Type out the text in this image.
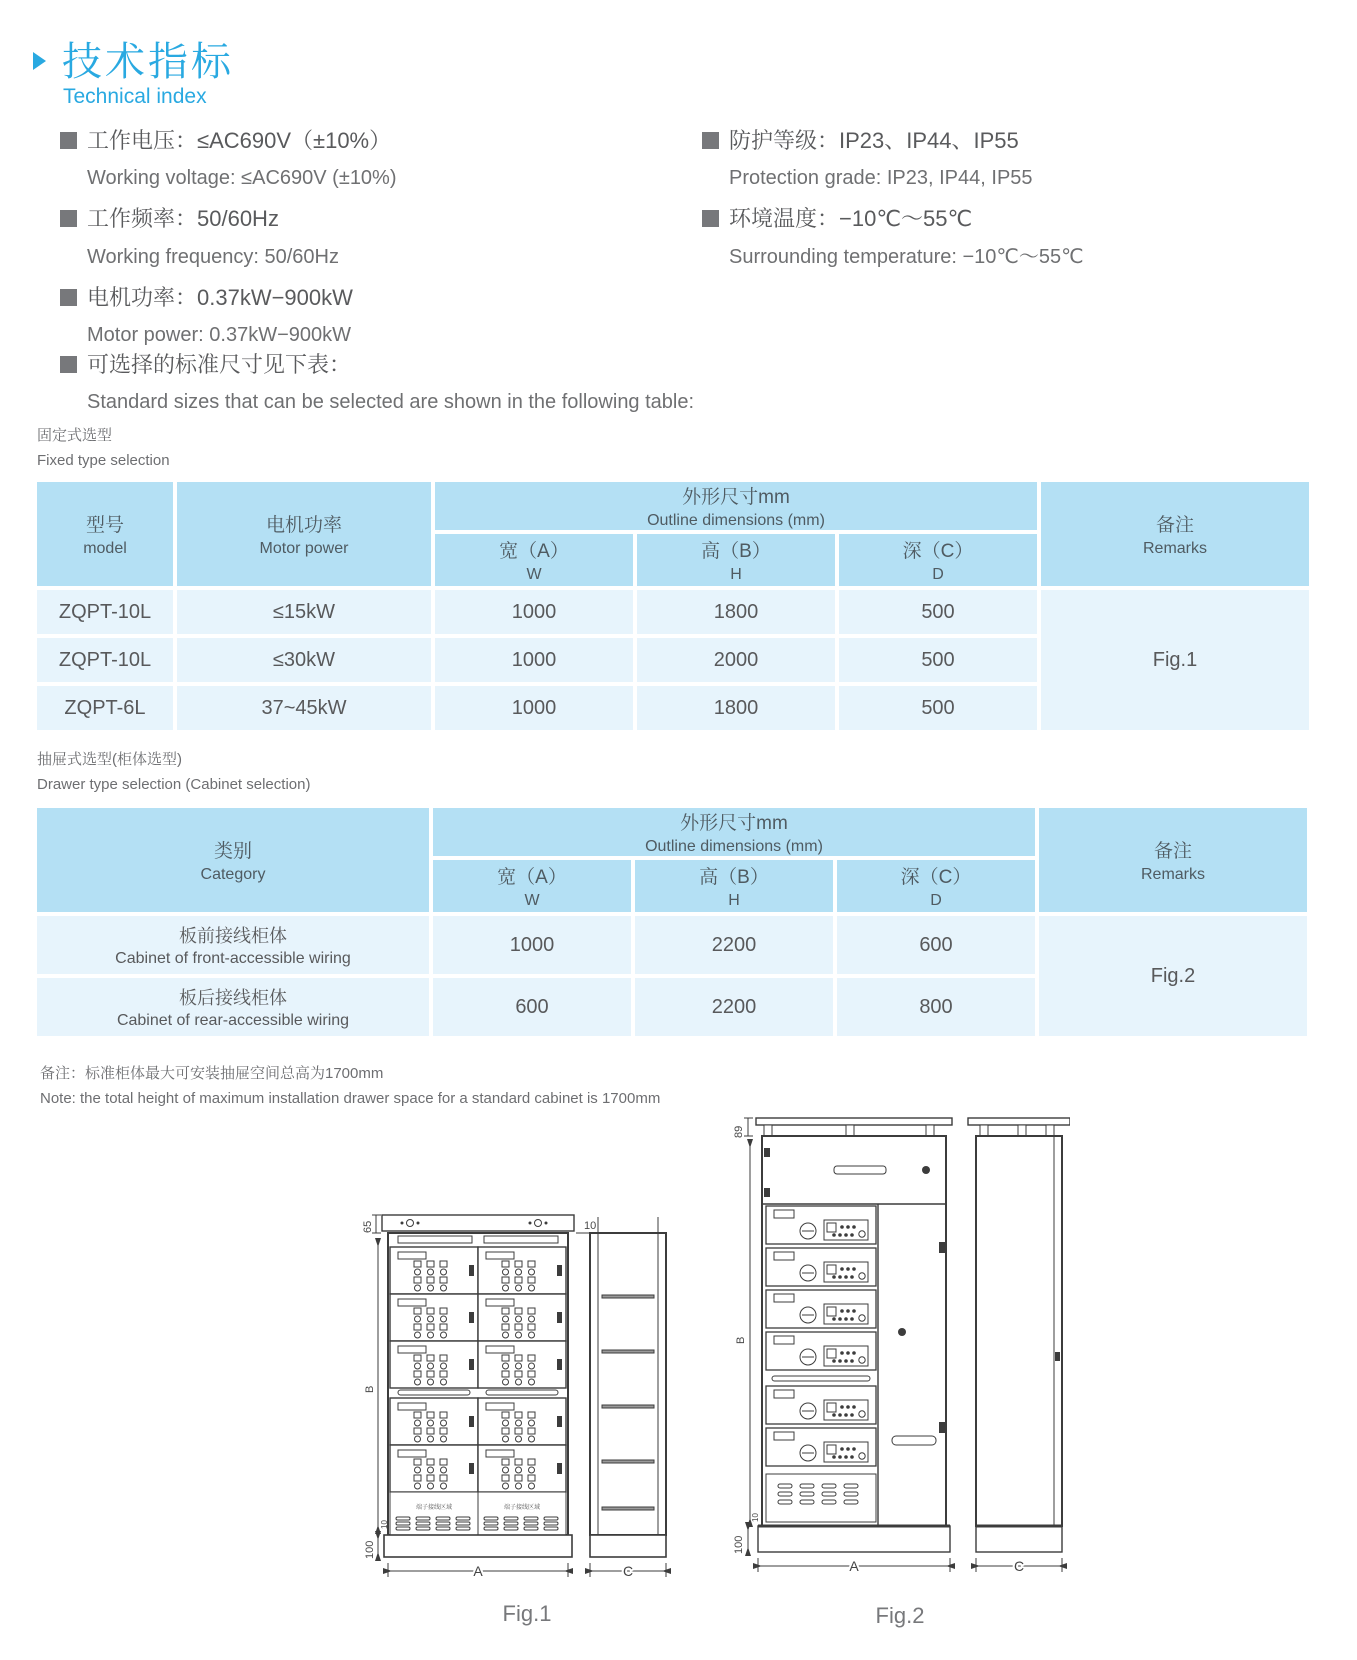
技术指标
Technical index
工作电压：≤AC690V（±10%）
Working voltage: ≤AC690V (±10%)
工作频率：50/60Hz
Working frequency: 50/60Hz
电机功率：0.37kW−900kW
Motor power: 0.37kW−900kW
防护等级：IP23、IP44、IP55
Protection grade: IP23, IP44, IP55
环境温度：−10℃～55℃
Surrounding temperature: −10℃～55℃
可选择的标准尺寸见下表：
Standard sizes that can be selected are shown in the following table:
固定式选型
Fixed type selection
型号
model	电机功率
Motor power	外形尺寸mm
Outline dimensions (mm)			备注
Remarks

		宽（A）
W	高（B）
H	深（C）
D	

ZQPT-10L	≤15kW	1000	1800	500	Fig.1
ZQPT-10L	≤30kW	1000	2000	500	
ZQPT-6L	37~45kW	1000	1800	500	
抽屉式选型(柜体选型)
Drawer type selection (Cabinet selection)
类别
Category	外形尺寸mm
Outline dimensions (mm)			备注
Remarks

	宽（A）
W	高（B）
H	深（C）
D	

板前接线柜体
Cabinet of front-accessible wiring	1000	2200	600	Fig.2

板后接线柜体
Cabinet of rear-accessible wiring	600	2200	800	
备注：标准柜体最大可安装抽屉空间总高为1700mm
Note: the total height of maximum installation drawer space for a standard cabinet is 1700mm
端子接线区域	端子接线区域
65	10
B
10
100
A	C
Fig.1
89
B
10
100
A	C
Fig.2
